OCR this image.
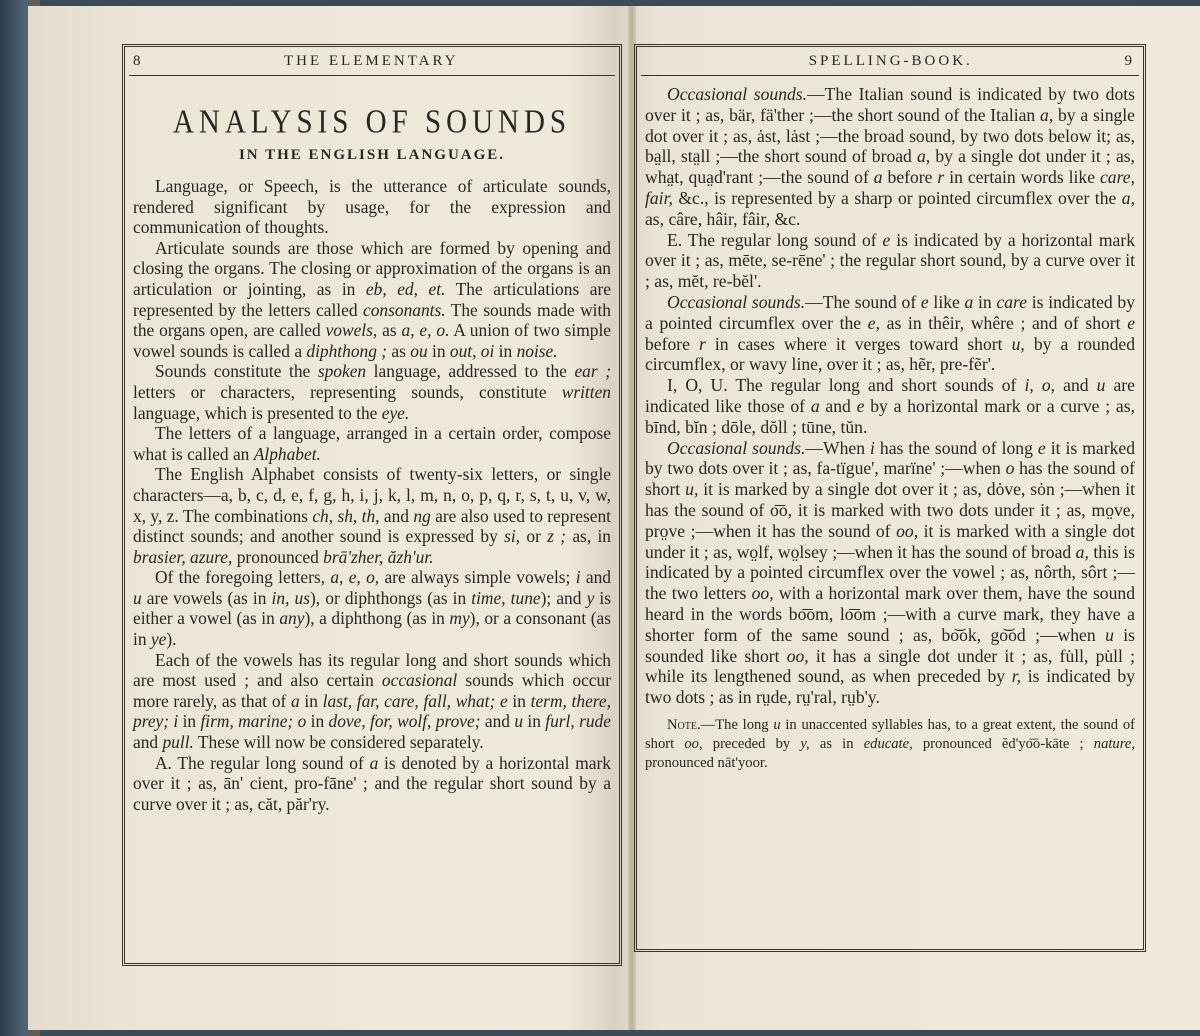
8	THE ELEMENTARY
ANALYSIS OF SOUNDS
IN THE ENGLISH LANGUAGE.

Language, or Speech, is the utterance of articulate sounds, rendered significant by usage, for the expression and communication of thoughts.

Articulate sounds are those which are formed by opening and closing the organs. The closing or approximation of the organs is an articulation or jointing, as in eb, ed, et. The articulations are represented by the letters called consonants. The sounds made with the organs open, are called vowels, as a, e, o. A union of two simple vowel sounds is called a diphthong ; as ou in out, oi in noise.

Sounds constitute the spoken language, addressed to the ear ; letters or characters, representing sounds, constitute written language, which is presented to the eye.

The letters of a language, arranged in a certain order, compose what is called an Alphabet.

The English Alphabet consists of twenty-six letters, or single characters—a, b, c, d, e, f, g, h, i, j, k, l, m, n, o, p, q, r, s, t, u, v, w, x, y, z. The combinations ch, sh, th, and ng are also used to represent distinct sounds; and another sound is expressed by si, or z ; as, in brasier, azure, pronounced brā'zher, ăzh'ur.

Of the foregoing letters, a, e, o, are always simple vowels; i and u are vowels (as in in, us), or diphthongs (as in time, tune); and y is either a vowel (as in any), a diphthong (as in my), or a consonant (as in ye).

Each of the vowels has its regular long and short sounds which are most used ; and also certain occasional sounds which occur more rarely, as that of a in last, far, care, fall, what; e in term, there, prey; i in firm, marine; o in dove, for, wolf, prove; and u in furl, rude and pull. These will now be considered separately.

A. The regular long sound of a is denoted by a horizontal mark over it ; as, ān' cient, pro-fāne' ; and the regular short sound by a curve over it ; as, căt, păr'ry.

SPELLING-BOOK.	9

Occasional sounds.—The Italian sound is indicated by two dots over it ; as, bär, fä'ther ;—the short sound of the Italian a, by a single dot over it ; as, ȧst, lȧst ;—the broad sound, by two dots below it; as, ba̤ll, sta̤ll ;—the short sound of broad a, by a single dot under it ; as, wha̤t, qua̤d'rant ;—the sound of a before r in certain words like care, fair, &c., is represented by a sharp or pointed circumflex over the a, as, câre, hâir, fâir, &c.

E. The regular long sound of e is indicated by a horizontal mark over it ; as, mēte, se-rēne' ; the regular short sound, by a curve over it ; as, mĕt, re-bĕl'.

Occasional sounds.—The sound of e like a in care is indicated by a pointed circumflex over the e, as in thêir, whêre ; and of short e before r in cases where it verges toward short u, by a rounded circumflex, or wavy line, over it ; as, hẽr, pre-fẽr'.

I, O, U. The regular long and short sounds of i, o, and u are indicated like those of a and e by a horizontal mark or a curve ; as, bīnd, bĭn ; dōle, dŏll ; tūne, tŭn.

Occasional sounds.—When i has the sound of long e it is marked by two dots over it ; as, fa-tïgue', marïne' ;—when o has the sound of short u, it is marked by a single dot over it ; as, dȯve, sȯn ;—when it has the sound of o͞o, it is marked with two dots under it ; as, mo̤ve, pro̤ve ;—when it has the sound of oo, it is marked with a single dot under it ; as, wo̤lf, wo̤lsey ;—when it has the sound of broad a, this is indicated by a pointed circumflex over the vowel ; as, nôrth, sôrt ;—the two letters oo, with a horizontal mark over them, have the sound heard in the words bo͞om, lo͞om ;—with a curve mark, they have a shorter form of the same sound ; as, bo͝ok, go͝od ;—when u is sounded like short oo, it has a single dot under it ; as, fu̇ll, pu̇ll ; while its lengthened sound, as when preceded by r, is indicated by two dots ; as in rṳde, rṳ'ral, rṳb'y.

Note.—The long u in unaccented syllables has, to a great extent, the sound of short oo, preceded by y, as in educate, pronounced ĕd'yo͞o-kāte ; nature, pronounced nāt'yoor.
